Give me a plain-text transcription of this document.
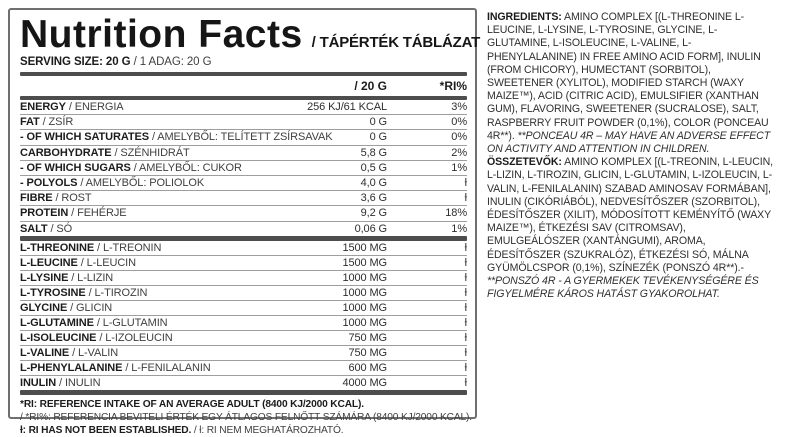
Nutrition Facts / TÁPÉRTÉK TÁBLÁZAT
SERVING SIZE: 20 G / 1 ADAG: 20 G
/ 20 G	*RI%
ENERGY / ENERGIA	256 KJ/61 KCAL	3%
FAT / ZSÍR	0 G	0%
- OF WHICH SATURATES / AMELYBŐL: TELÍTETT ZSÍRSAVAK	0 G	0%
CARBOHYDRATE / SZÉNHIDRÁT	5,8 G	2%
- OF WHICH SUGARS / AMELYBŐL: CUKOR	0,5 G	1%
- POLYOLS / AMELYBŐL: POLIOLOK	4,0 G	ƚ
FIBRE / ROST	3,6 G	ƚ
PROTEIN / FEHÉRJE	9,2 G	18%
SALT / SÓ	0,06 G	1%
L-THREONINE / L-TREONIN	1500 MG	ƚ
L-LEUCINE / L-LEUCIN	1500 MG	ƚ
L-LYSINE / L-LIZIN	1000 MG	ƚ
L-TYROSINE / L-TIROZIN	1000 MG	ƚ
GLYCINE / GLICIN	1000 MG	ƚ
L-GLUTAMINE / L-GLUTAMIN	1000 MG	ƚ
L-ISOLEUCINE / L-IZOLEUCIN	750 MG	ƚ
L-VALINE / L-VALIN	750 MG	ƚ
L-PHENYLALANINE / L-FENILALANIN	600 MG	ƚ
INULIN / INULIN	4000 MG	ƚ
*RI: REFERENCE INTAKE OF AN AVERAGE ADULT (8400 KJ/2000 KCAL).
/ *RI%: REFERENCIA BEVITELI ÉRTÉK EGY ÁTLAGOS FELNŐTT SZÁMÁRA (8400 KJ/2000 KCAL).
ƚ: RI HAS NOT BEEN ESTABLISHED. / ƚ: RI NEM MEGHATÁROZHATÓ.

INGREDIENTS: AMINO COMPLEX [(L-THREONINE L-LEUCINE, L-LYSINE, L-TYROSINE, GLYCINE, L-GLUTAMINE, L-ISOLEUCINE, L-VALINE, L-PHENYLALANINE) IN FREE AMINO ACID FORM], INULIN (FROM CHICORY), HUMECTANT (SORBITOL), SWEETENER (XYLITOL), MODIFIED STARCH (WAXY MAIZE™), ACID (CITRIC ACID), EMULSIFIER (XANTHAN GUM), FLAVORING, SWEETENER (SUCRALOSE), SALT, RASPBERRY FRUIT POWDER (0,1%), COLOR (PONCEAU 4R**). **PONCEAU 4R – MAY HAVE AN ADVERSE EFFECT ON ACTIVITY AND ATTENTION IN CHILDREN.

ÖSSZETEVŐK: AMINO KOMPLEX [(L-TREONIN, L-LEUCIN, L-LIZIN, L-TIROZIN, GLICIN, L-GLUTAMIN, L-IZOLEUCIN, L-VALIN, L-FENILALANIN) SZABAD AMINOSAV FORMÁBAN], INULIN (CIKÓRIÁBÓL), NEDVESÍTŐSZER (SZORBITOL), ÉDESÍTŐSZER (XILIT), MÓDOSÍTOTT KEMÉNYÍTŐ (WAXY MAIZE™), ÉTKEZÉSI SAV (CITROMSAV), EMULGEÁLÓSZER (XANTÁNGUMI), AROMA, ÉDESÍTŐSZER (SZUKRALÓZ), ÉTKEZÉSI SÓ, MÁLNA GYÜMÖLCSPOR (0,1%), SZÍNEZÉK (PONSZÓ 4R**).- **PONSZÓ 4R - A GYERMEKEK TEVÉKENYSÉGÉRE ÉS FIGYELMÉRE KÁROS HATÁST GYAKOROLHAT.
